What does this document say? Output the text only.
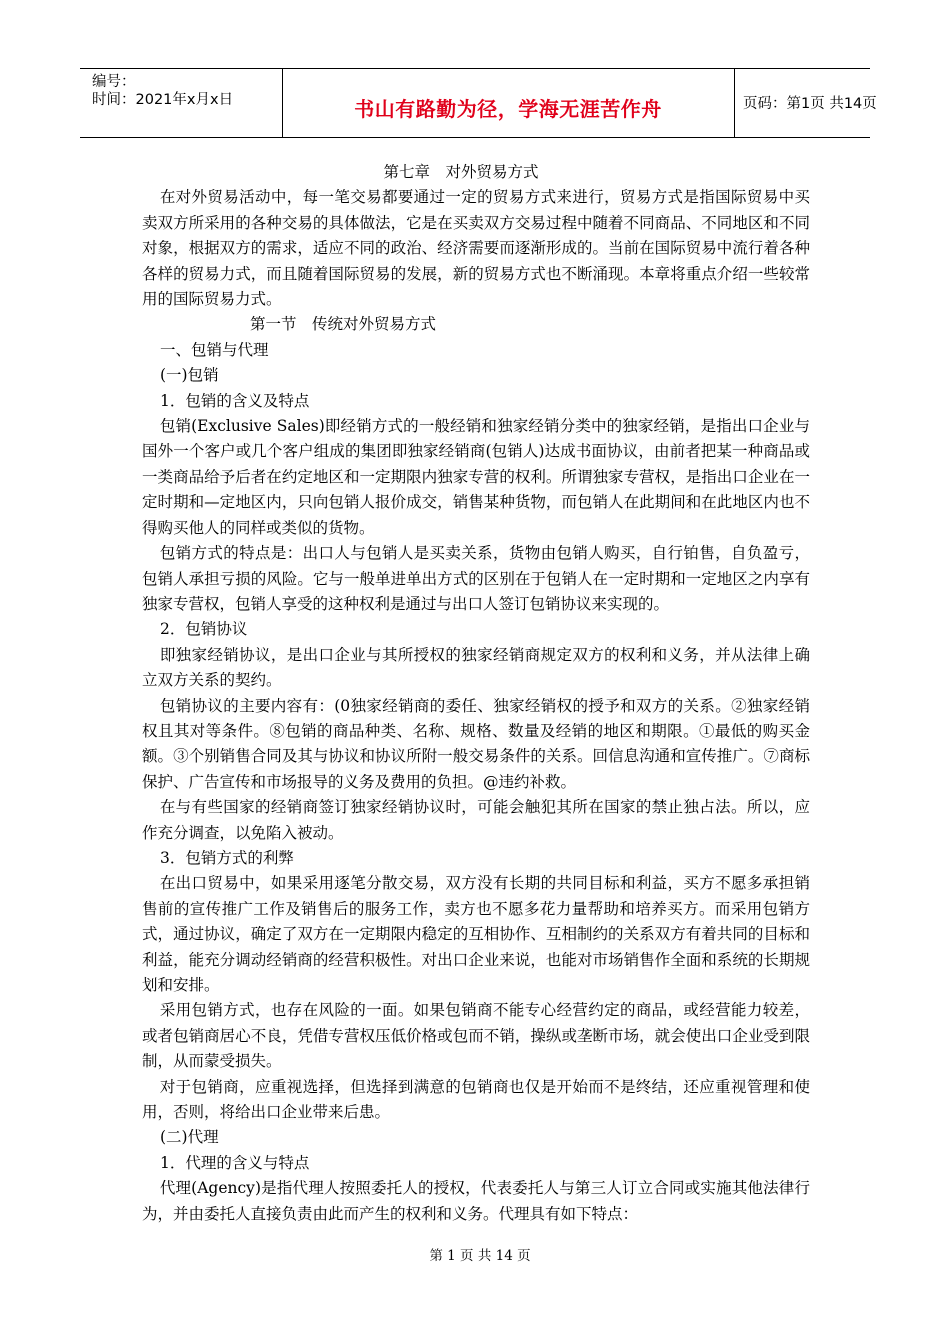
编号：
时间：2021年x月x日	书山有路勤为径，学海无涯苦作舟	页码：第1页 共14页

第七章　对外贸易方式

在对外贸易活动中，每一笔交易都要通过一定的贸易方式来进行，贸易方式是指国际贸易中买卖双方所采用的各种交易的具体做法，它是在买卖双方交易过程中随着不同商品、不同地区和不同对象，根据双方的需求，适应不同的政治、经济需要而逐渐形成的。当前在国际贸易中流行着各种各样的贸易力式，而且随着国际贸易的发展，新的贸易方式也不断涌现。本章将重点介绍一些较常用的国际贸易力式。

第一节　传统对外贸易方式

一、包销与代理

(一)包销

1．包销的含义及特点

包销(Exclusive Sales)即经销方式的一般经销和独家经销分类中的独家经销，是指出口企业与国外一个客户或几个客户组成的集团即独家经销商(包销人)达成书面协议，由前者把某一种商品或一类商品给予后者在约定地区和一定期限内独家专营的权利。所谓独家专营权，是指出口企业在一定时期和—定地区内，只向包销人报价成交，销售某种货物，而包销人在此期间和在此地区内也不得购买他人的同样或类似的货物。

包销方式的特点是：出口人与包销人是买卖关系，货物由包销人购买，自行铂售，自负盈亏，包销人承担亏损的风险。它与一般单进单出方式的区别在于包销人在一定时期和一定地区之内享有独家专营权，包销人享受的这种权利是通过与出口人签订包销协议来实现的。

2．包销协议

即独家经销协议，是出口企业与其所授权的独家经销商规定双方的权利和义务，并从法律上确立双方关系的契约。

包销协议的主要内容有：(0独家经销商的委任、独家经销权的授予和双方的关系。②独家经销权且其对等条件。⑧包销的商品种类、名称、规格、数量及经销的地区和期限。①最低的购买金额。③个别销售合同及其与协议和协议所附一般交易条件的关系。回信息沟通和宣传推广。⑦商标保护、广告宣传和市场报导的义务及费用的负担。@违约补救。

在与有些国家的经销商签订独家经销协议时，可能会触犯其所在国家的禁止独占法。所以，应作充分调查，以免陷入被动。

3．包销方式的利弊

在出口贸易中，如果采用逐笔分散交易，双方没有长期的共同目标和利益，买方不愿多承担销售前的宣传推广工作及销售后的服务工作，卖方也不愿多花力量帮助和培养买方。而采用包销方式，通过协议，确定了双方在一定期限内稳定的互相协作、互相制约的关系双方有着共同的目标和利益，能充分调动经销商的经营积极性。对出口企业来说，也能对市场销售作全面和系统的长期规划和安排。

采用包销方式，也存在风险的一面。如果包销商不能专心经营约定的商品，或经营能力较差，或者包销商居心不良，凭借专营权压低价格或包而不销，操纵或垄断市场，就会使出口企业受到限制，从而蒙受损失。

对于包销商，应重视选择，但选择到满意的包销商也仅是开始而不是终结，还应重视管理和使用，否则，将给出口企业带来后患。

(二)代理

1．代理的含义与特点

代理(Agency)是指代理人按照委托人的授权，代表委托人与第三人订立合同或实施其他法律行为，并由委托人直接负责由此而产生的权利和义务。代理具有如下特点：

第 1 页 共 14 页
